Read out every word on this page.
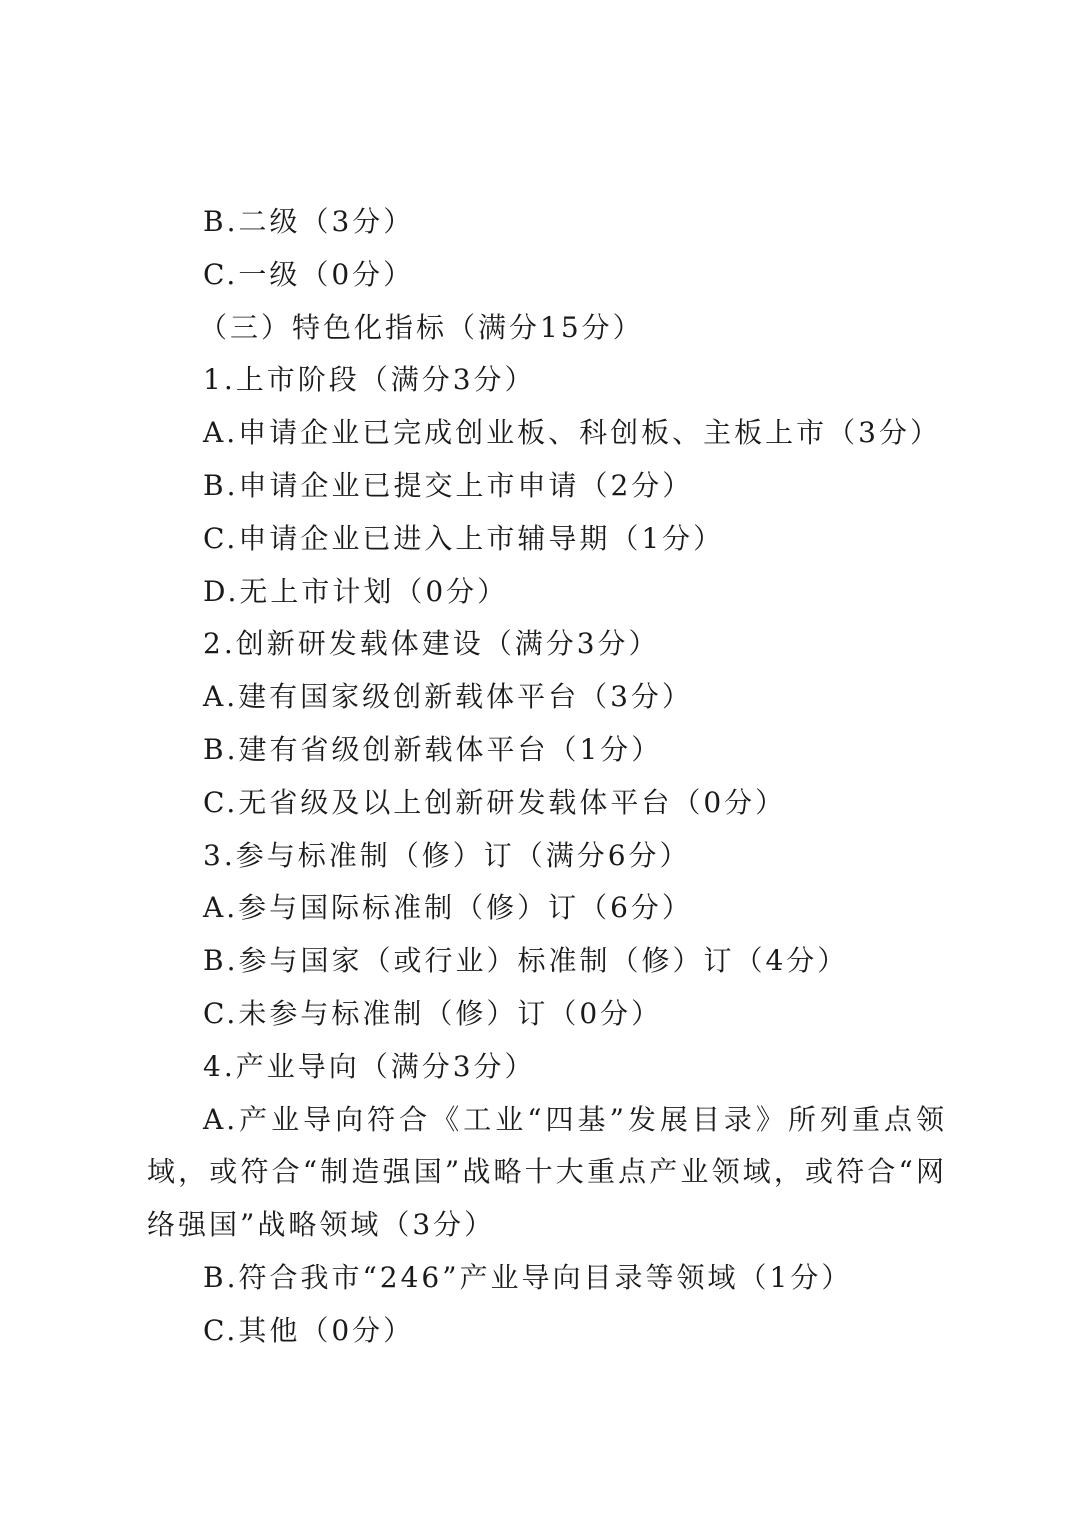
B.二级（3分）
C.一级（0分）
（三）特色化指标（满分15分）
1.上市阶段（满分3分）
A.申请企业已完成创业板、科创板、主板上市（3分）
B.申请企业已提交上市申请（2分）
C.申请企业已进入上市辅导期（1分）
D.无上市计划（0分）
2.创新研发载体建设（满分3分）
A.建有国家级创新载体平台（3分）
B.建有省级创新载体平台（1分）
C.无省级及以上创新研发载体平台（0分）
3.参与标准制（修）订（满分6分）
A.参与国际标准制（修）订（6分）
B.参与国家（或行业）标准制（修）订（4分）
C.未参与标准制（修）订（0分）
4.产业导向（满分3分）
A.产业导向符合《工业“四基”发展目录》所列重点领域，或符合“制造强国”战略十大重点产业领域，或符合“网络强国”战略领域（3分）
B.符合我市“246”产业导向目录等领域（1分）
C.其他（0分）
